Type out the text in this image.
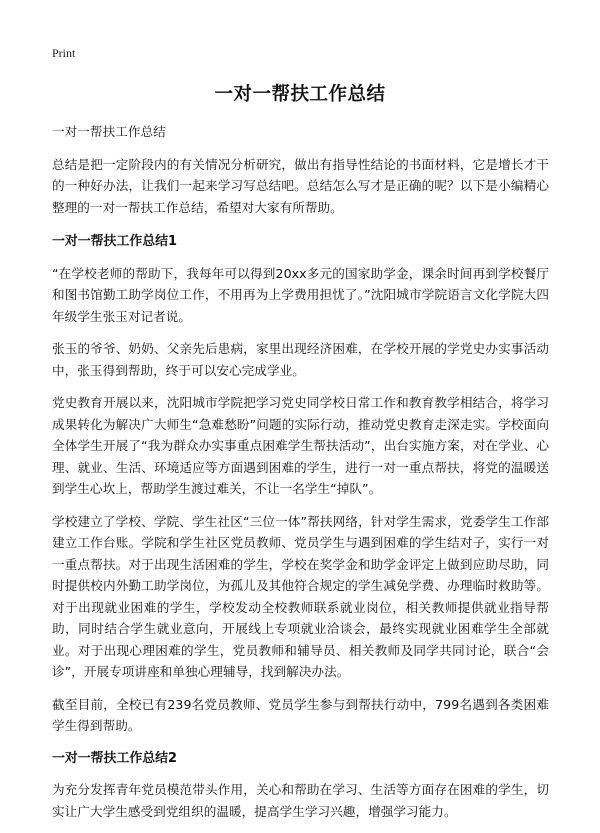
Print
一对一帮扶工作总结

一对一帮扶工作总结

总结是把一定阶段内的有关情况分析研究，做出有指导性结论的书面材料，它是增长才干的一种好办法，让我们一起来学习写总结吧。总结怎么写才是正确的呢？以下是小编精心整理的一对一帮扶工作总结，希望对大家有所帮助。

一对一帮扶工作总结1

“在学校老师的帮助下，我每年可以得到20xx多元的国家助学金，课余时间再到学校餐厅和图书馆勤工助学岗位工作，不用再为上学费用担忧了。”沈阳城市学院语言文化学院大四年级学生张玉对记者说。

张玉的爷爷、奶奶、父亲先后患病，家里出现经济困难，在学校开展的学党史办实事活动中，张玉得到帮助，终于可以安心完成学业。

党史教育开展以来，沈阳城市学院把学习党史同学校日常工作和教育教学相结合，将学习成果转化为解决广大师生“急难愁盼”问题的实际行动，推动党史教育走深走实。学校面向全体学生开展了“我为群众办实事重点困难学生帮扶活动”，出台实施方案，对在学业、心理、就业、生活、环境适应等方面遇到困难的学生，进行一对一重点帮扶，将党的温暖送到学生心坎上，帮助学生渡过难关，不让一名学生“掉队”。

学校建立了学校、学院、学生社区“三位一体”帮扶网络，针对学生需求，党委学生工作部建立工作台账。学院和学生社区党员教师、党员学生与遇到困难的学生结对子，实行一对一重点帮扶。对于出现生活困难的学生，学校在奖学金和助学金评定上做到应助尽助，同时提供校内外勤工助学岗位，为孤儿及其他符合规定的学生减免学费、办理临时救助等。对于出现就业困难的学生，学校发动全校教师联系就业岗位，相关教师提供就业指导帮助，同时结合学生就业意向，开展线上专项就业洽谈会，最终实现就业困难学生全部就业。对于出现心理困难的学生，党员教师和辅导员、相关教师及同学共同讨论，联合“会诊”，开展专项讲座和单独心理辅导，找到解决办法。

截至目前，全校已有239名党员教师、党员学生参与到帮扶行动中，799名遇到各类困难学生得到帮助。

一对一帮扶工作总结2

为充分发挥青年党员模范带头作用，关心和帮助在学习、生活等方面存在困难的学生，切实让广大学生感受到党组织的温暖，提高学生学习兴趣，增强学习能力。
